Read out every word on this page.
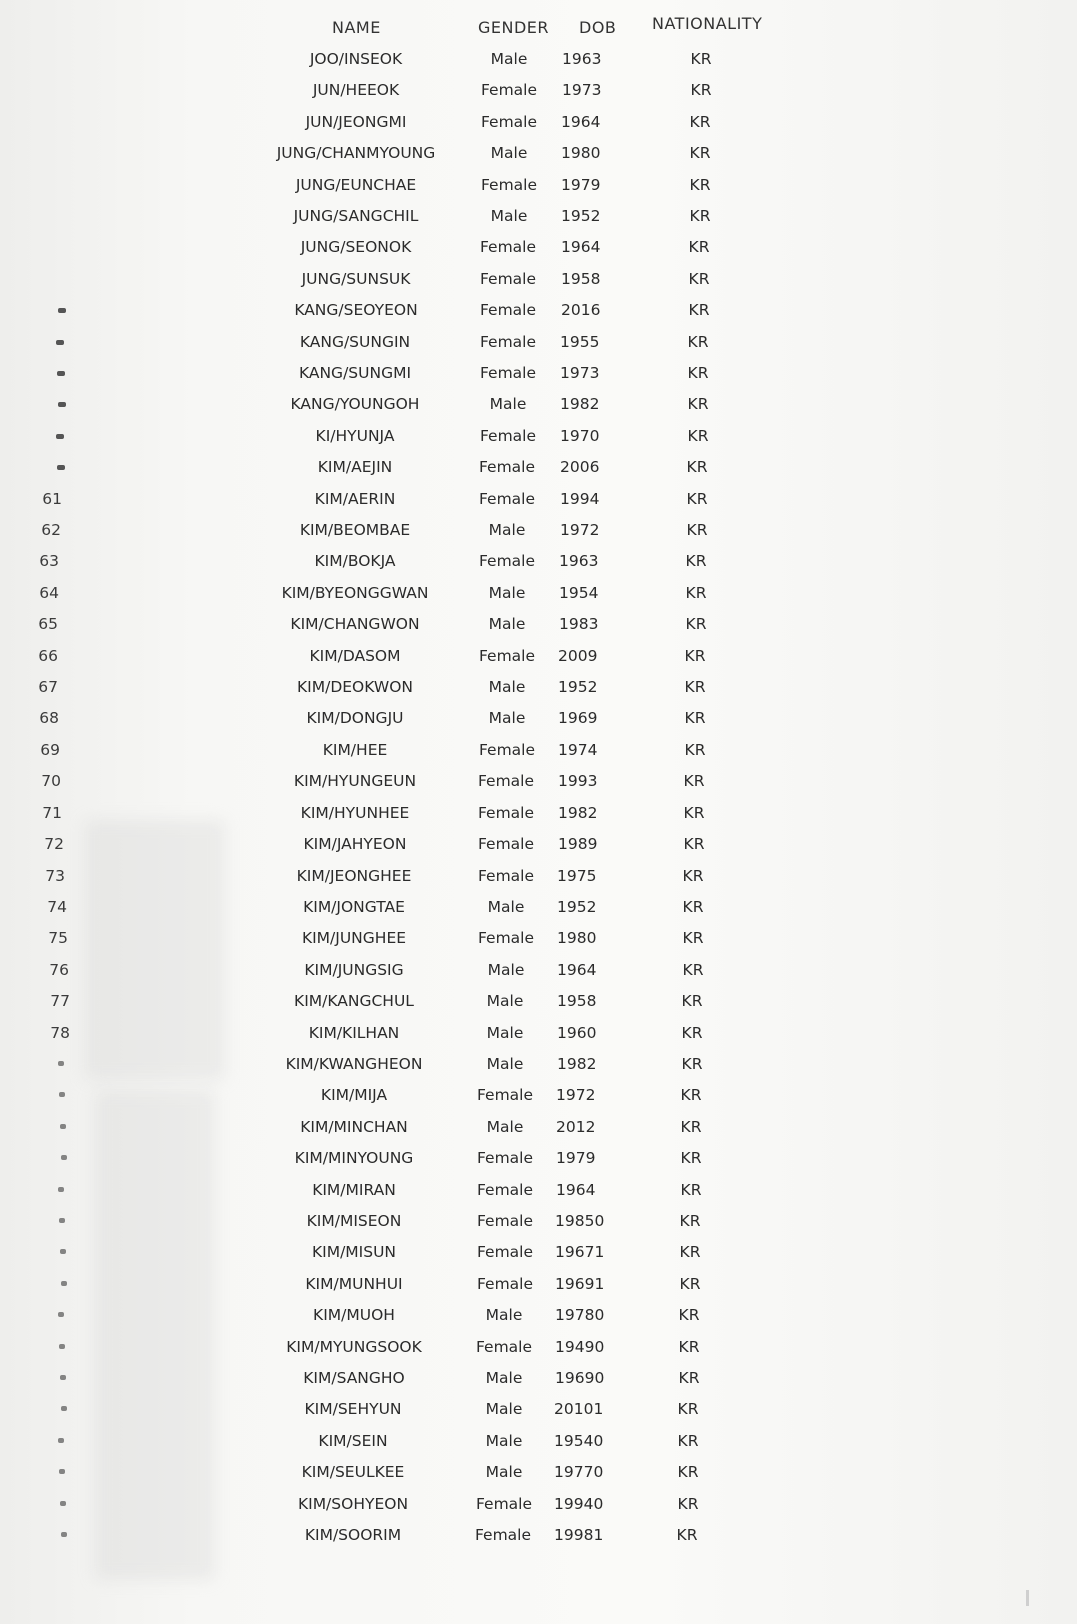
NAME	GENDER DOB NATIONALITY
JOO/INSEOK	Male	1963	KR
JUN/HEEOK	Female	1973	KR
JUN/JEONGMI	Female	1964	KR
JUNG/CHANMYOUNG	Male	1980	KR
JUNG/EUNCHAE	Female	1979	KR
JUNG/SANGCHIL	Male	1952	KR
JUNG/SEONOK	Female	1964	KR
JUNG/SUNSUK	Female	1958	KR
KANG/SEOYEON	Female	2016	KR
KANG/SUNGIN	Female	1955	KR
KANG/SUNGMI	Female	1973	KR
KANG/YOUNGOH	Male	1982	KR
KI/HYUNJA	Female	1970	KR
KIM/AEJIN	Female	2006	KR
61	KIM/AERIN	Female	1994	KR
62	KIM/BEOMBAE	Male	1972	KR
63	KIM/BOKJA	Female	1963	KR
64	KIM/BYEONGGWAN	Male	1954	KR
65	KIM/CHANGWON	Male	1983	KR
66	KIM/DASOM	Female	2009	KR
67	KIM/DEOKWON	Male	1952	KR
68	KIM/DONGJU	Male	1969	KR
69	KIM/HEE	Female	1974	KR
70	KIM/HYUNGEUN	Female	1993	KR
71	KIM/HYUNHEE	Female	1982	KR
72	KIM/JAHYEON	Female	1989	KR
73	KIM/JEONGHEE	Female	1975	KR
74	KIM/JONGTAE	Male	1952	KR
75	KIM/JUNGHEE	Female	1980	KR
76	KIM/JUNGSIG	Male	1964	KR
77	KIM/KANGCHUL	Male	1958	KR
78	KIM/KILHAN	Male	1960	KR
KIM/KWANGHEON	Male	1982	KR
KIM/MIJA	Female	1972	KR
KIM/MINCHAN	Male	2012	KR
KIM/MINYOUNG	Female	1979	KR
KIM/MIRAN	Female	1964	KR
KIM/MISEON	Female	19850	KR
KIM/MISUN	Female	19671	KR
KIM/MUNHUI	Female	19691	KR
KIM/MUOH	Male	19780	KR
KIM/MYUNGSOOK	Female	19490	KR
KIM/SANGHO	Male	19690	KR
KIM/SEHYUN	Male	20101	KR
KIM/SEIN	Male	19540	KR
KIM/SEULKEE	Male	19770	KR
KIM/SOHYEON	Female	19940	KR
KIM/SOORIM	Female	19981	KR
